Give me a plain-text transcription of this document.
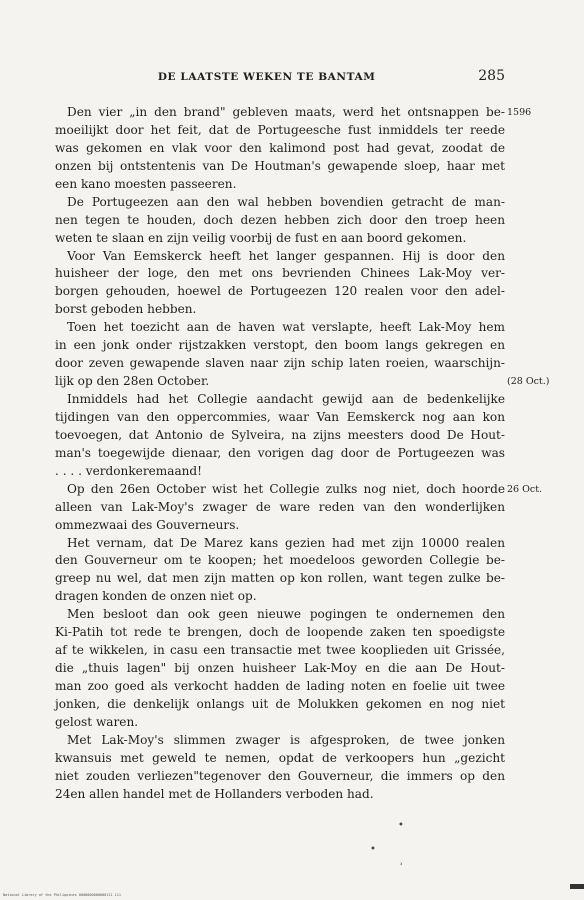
DE LAATSTE WEKEN TE BANTAM	285
Den vier „in den brand" gebleven maats, werd het ontsnappen be- 1596
moeilijkt door het feit, dat de Portugeesche fust inmiddels ter reede
was gekomen en vlak voor den kalimond post had gevat, zoodat de
onzen bij ontstentenis van De Houtman's gewapende sloep, haar met
een kano moesten passeeren.
De Portugeezen aan den wal hebben bovendien getracht de man-
nen tegen te houden, doch dezen hebben zich door den troep heen
weten te slaan en zijn veilig voorbij de fust en aan boord gekomen.
Voor Van Eemskerck heeft het langer gespannen. Hij is door den
huisheer der loge, den met ons bevrienden Chinees Lak-Moy ver-
borgen gehouden, hoewel de Portugeezen 120 realen voor den adel-
borst geboden hebben.
Toen het toezicht aan de haven wat verslapte, heeft Lak-Moy hem
in een jonk onder rijstzakken verstopt, den boom langs gekregen en
door zeven gewapende slaven naar zijn schip laten roeien, waarschijn-
lijk op den 28en October.	(28 Oct.)
Inmiddels had het Collegie aandacht gewijd aan de bedenkelijke
tijdingen van den oppercommies, waar Van Eemskerck nog aan kon
toevoegen, dat Antonio de Sylveira, na zijns meesters dood De Hout-
man's toegewijde dienaar, den vorigen dag door de Portugeezen was
. . . . verdonkeremaand!
Op den 26en October wist het Collegie zulks nog niet, doch hoorde 26 Oct.
alleen van Lak-Moy's zwager de ware reden van den wonderlijken
ommezwaai des Gouverneurs.
Het vernam, dat De Marez kans gezien had met zijn 10000 realen
den Gouverneur om te koopen; het moedeloos geworden Collegie be-
greep nu wel, dat men zijn matten op kon rollen, want tegen zulke be-
dragen konden de onzen niet op.
Men besloot dan ook geen nieuwe pogingen te ondernemen den
Ki-Patih tot rede te brengen, doch de loopende zaken ten spoedigste
af te wikkelen, in casu een transactie met twee kooplieden uit Grissée,
die „thuis lagen" bij onzen huisheer Lak-Moy en die aan De Hout-
man zoo goed als verkocht hadden de lading noten en foelie uit twee
jonken, die denkelijk onlangs uit de Molukken gekomen en nog niet
gelost waren.
Met Lak-Moy's slimmen zwager is afgesproken, de twee jonken
kwansuis met geweld te nemen, opdat de verkoopers hun „gezicht
niet zouden verliezen"tegenover den Gouverneur, die immers op den
24en allen handel met de Hollanders verboden had.
National Library of the Philippines 0000000000000111 111
•
•
ʾ
